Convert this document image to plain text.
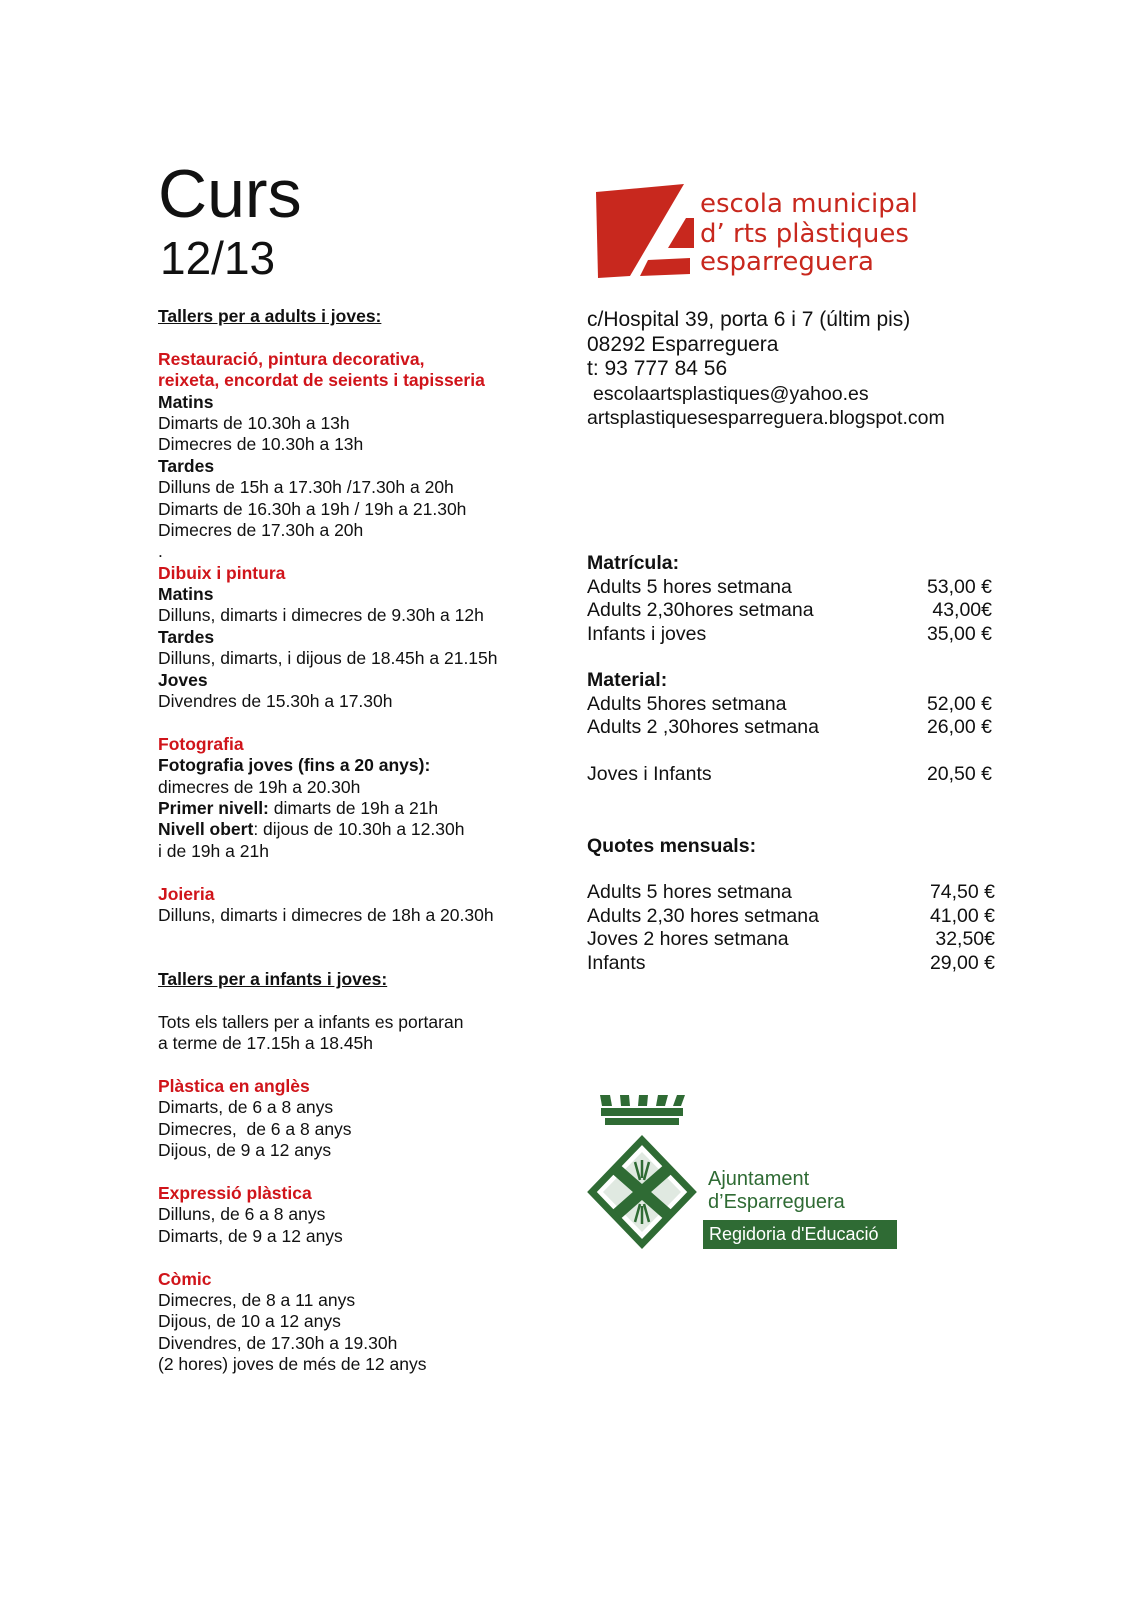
Curs
12/13
escola municipal
d’ rts plàstiques
esparreguera
Tallers per a adults i joves:
Restauració, pintura decorativa,
reixeta, encordat de seients i tapisseria
Matins
Dimarts de 10.30h a 13h
Dimecres de 10.30h a 13h
Tardes
Dilluns de 15h a 17.30h /17.30h a 20h
Dimarts de 16.30h a 19h / 19h a 21.30h
Dimecres de 17.30h a 20h
.
Dibuix i pintura
Matins
Dilluns, dimarts i dimecres de 9.30h a 12h
Tardes
Dilluns, dimarts, i dijous de 18.45h a 21.15h
Joves
Divendres de 15.30h a 17.30h
Fotografia
Fotografia joves (fins a 20 anys):
dimecres de 19h a 20.30h
Primer nivell: dimarts de 19h a 21h
Nivell obert: dijous de 10.30h a 12.30h
i de 19h a 21h
Joieria
Dilluns, dimarts i dimecres de 18h a 20.30h
Tallers per a infants i joves:
Tots els tallers per a infants es portaran
a terme de 17.15h a 18.45h
Plàstica en anglès
Dimarts, de 6 a 8 anys
Dimecres,  de 6 a 8 anys
Dijous, de 9 a 12 anys
Expressió plàstica
Dilluns, de 6 a 8 anys
Dimarts, de 9 a 12 anys
Còmic
Dimecres, de 8 a 11 anys
Dijous, de 10 a 12 anys
Divendres, de 17.30h a 19.30h
(2 hores) joves de més de 12 anys
c/Hospital 39, porta 6 i 7 (últim pis)
08292 Esparreguera
t: 93 777 84 56
escolaartsplastiques@yahoo.es
artsplastiquesesparreguera.blogspot.com
Matrícula:
Adults 5 hores setmana	53,00 €
Adults 2,30hores setmana	43,00€
Infants i joves	35,00 €
Material:
Adults 5hores setmana	52,00 €
Adults 2 ,30hores setmana	26,00 €
Joves i Infants	20,50 €
Quotes mensuals:
Adults 5 hores setmana	74,50 €
Adults 2,30 hores setmana	41,00 €
Joves 2 hores setmana	32,50€
Infants	29,00 €
Ajuntament
d’Esparreguera
Regidoria d'Educació
